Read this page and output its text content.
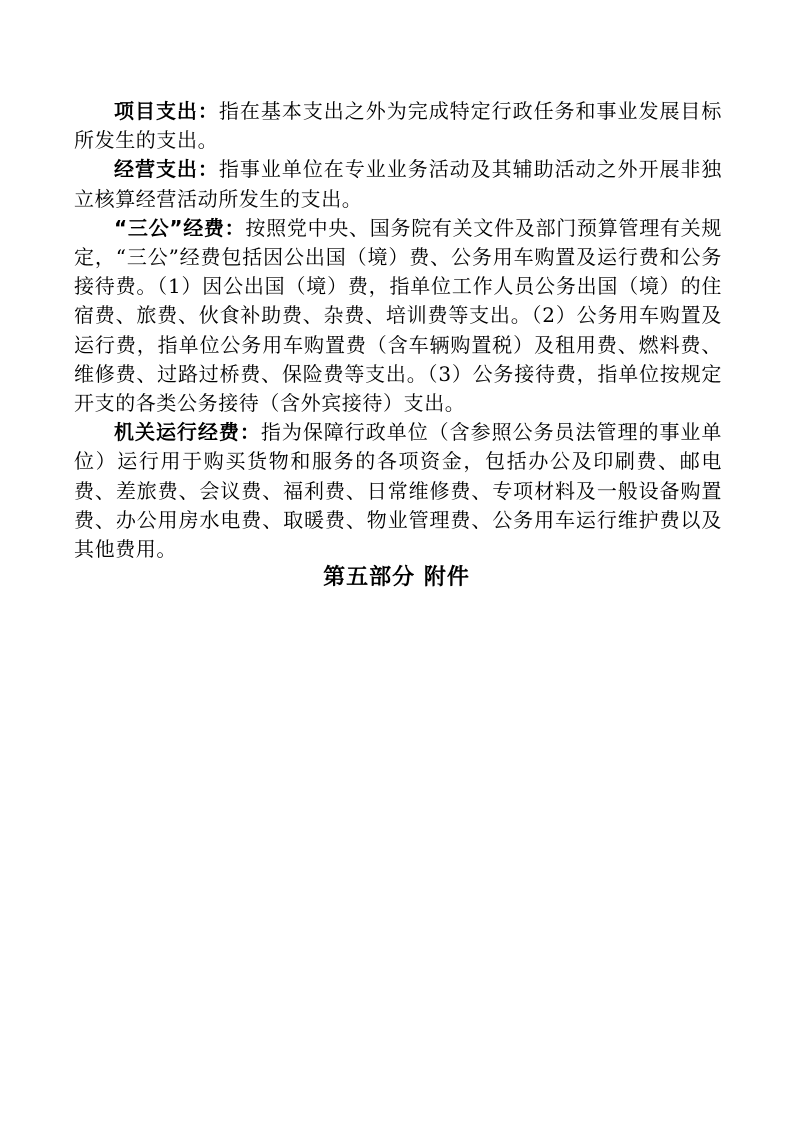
项目支出：指在基本支出之外为完成特定行政任务和事业发展目标所发生的支出。

经营支出：指事业单位在专业业务活动及其辅助活动之外开展非独立核算经营活动所发生的支出。

“三公”经费：按照党中央、国务院有关文件及部门预算管理有关规定，“三公”经费包括因公出国（境）费、公务用车购置及运行费和公务接待费。（1）因公出国（境）费，指单位工作人员公务出国（境）的住宿费、旅费、伙食补助费、杂费、培训费等支出。（2）公务用车购置及运行费，指单位公务用车购置费（含车辆购置税）及租用费、燃料费、维修费、过路过桥费、保险费等支出。（3）公务接待费，指单位按规定开支的各类公务接待（含外宾接待）支出。

机关运行经费：指为保障行政单位（含参照公务员法管理的事业单位）运行用于购买货物和服务的各项资金，包括办公及印刷费、邮电费、差旅费、会议费、福利费、日常维修费、专项材料及一般设备购置费、办公用房水电费、取暖费、物业管理费、公务用车运行维护费以及其他费用。

第五部分 附件
